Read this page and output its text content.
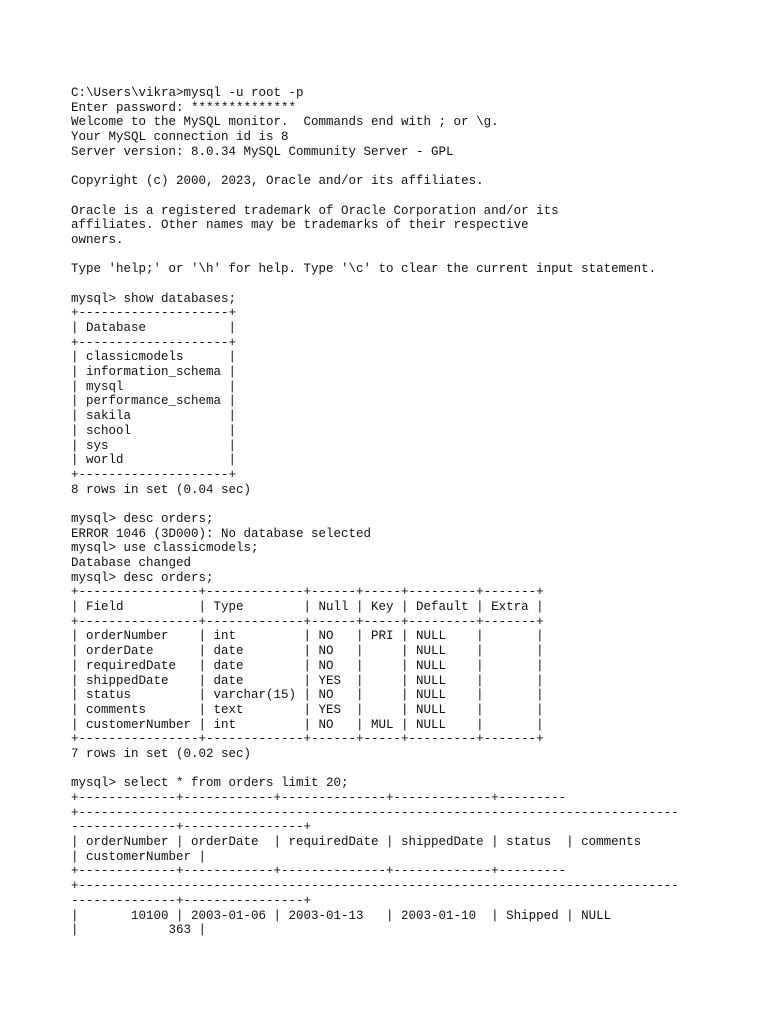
C:\Users\vikra>mysql -u root -p
Enter password: **************
Welcome to the MySQL monitor.  Commands end with ; or \g.
Your MySQL connection id is 8
Server version: 8.0.34 MySQL Community Server - GPL
Copyright (c) 2000, 2023, Oracle and/or its affiliates.
Oracle is a registered trademark of Oracle Corporation and/or its
affiliates. Other names may be trademarks of their respective
owners.
Type 'help;' or '\h' for help. Type '\c' to clear the current input statement.
mysql> show databases;
+--------------------+
| Database           |
+--------------------+
| classicmodels      |
| information_schema |
| mysql              |
| performance_schema |
| sakila             |
| school             |
| sys                |
| world              |
+--------------------+
8 rows in set (0.04 sec)
mysql> desc orders;
ERROR 1046 (3D000): No database selected
mysql> use classicmodels;
Database changed
mysql> desc orders;
+----------------+-------------+------+-----+---------+-------+
| Field          | Type        | Null | Key | Default | Extra |
+----------------+-------------+------+-----+---------+-------+
| orderNumber    | int         | NO   | PRI | NULL    |       |
| orderDate      | date        | NO   |     | NULL    |       |
| requiredDate   | date        | NO   |     | NULL    |       |
| shippedDate    | date        | YES  |     | NULL    |       |
| status         | varchar(15) | NO   |     | NULL    |       |
| comments       | text        | YES  |     | NULL    |       |
| customerNumber | int         | NO   | MUL | NULL    |       |
+----------------+-------------+------+-----+---------+-------+
7 rows in set (0.02 sec)
mysql> select * from orders limit 20;
+-------------+------------+--------------+-------------+---------
+--------------------------------------------------------------------------------
--------------+----------------+
| orderNumber | orderDate  | requiredDate | shippedDate | status  | comments
| customerNumber |
+-------------+------------+--------------+-------------+---------
+--------------------------------------------------------------------------------
--------------+----------------+
|       10100 | 2003-01-06 | 2003-01-13   | 2003-01-10  | Shipped | NULL
|            363 |
